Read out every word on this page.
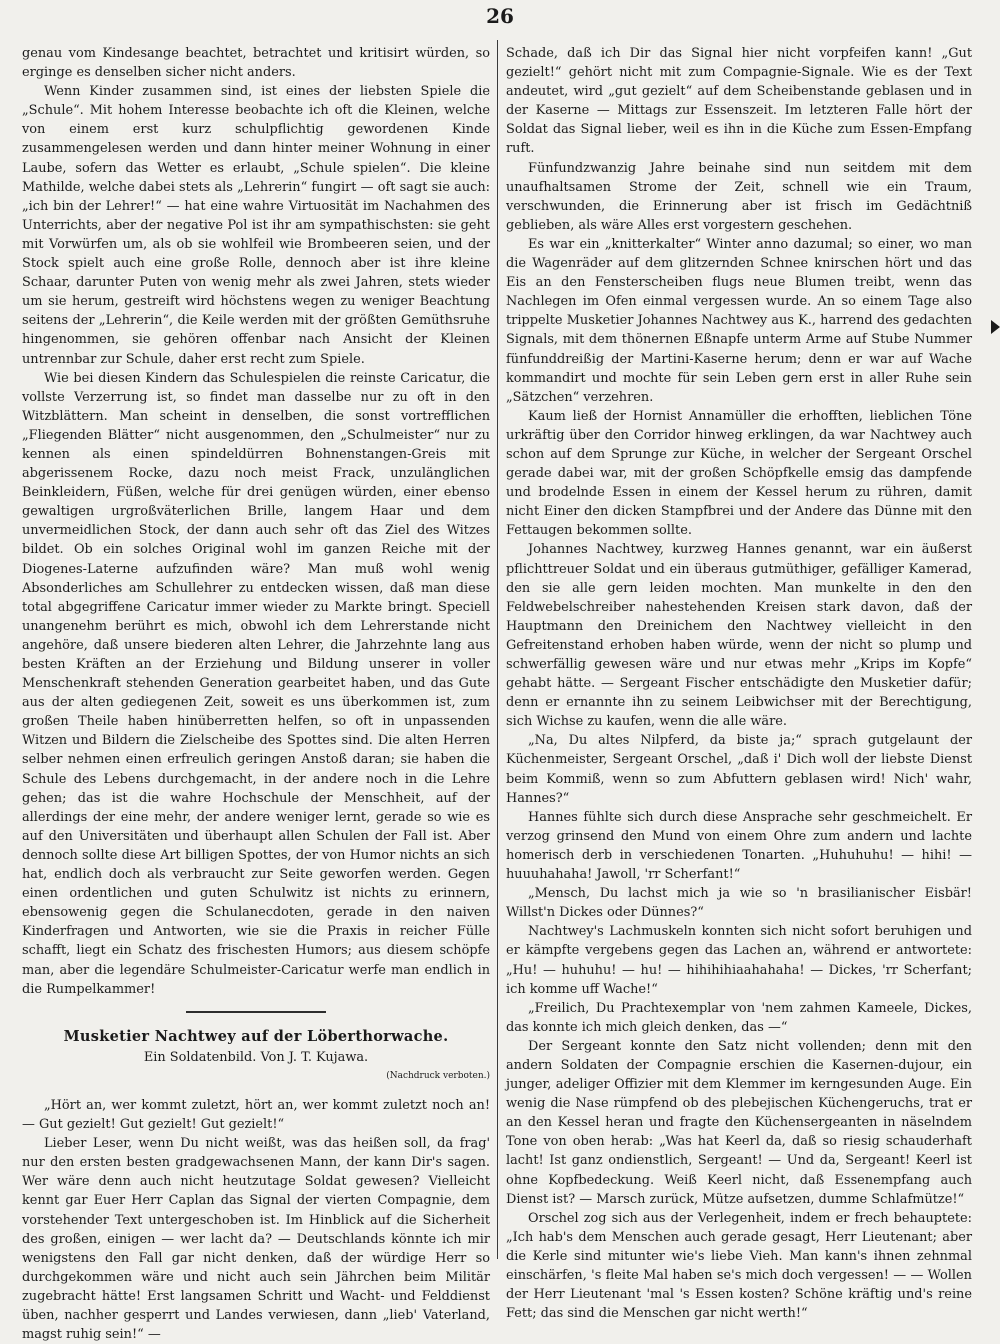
26

genau vom Kindesange beachtet, betrachtet und kritisirt würden, so erginge es denselben sicher nicht anders.

Wenn Kinder zusammen sind, ist eines der liebsten Spiele die „Schule“. Mit hohem Interesse beobachte ich oft die Kleinen, welche von einem erst kurz schulpflichtig gewordenen Kinde zusammengelesen werden und dann hinter meiner Wohnung in einer Laube, sofern das Wetter es erlaubt, „Schule spielen“. Die kleine Mathilde, welche dabei stets als „Lehrerin“ fungirt — oft sagt sie auch: „ich bin der Lehrer!“ — hat eine wahre Virtuosität im Nachahmen des Unterrichts, aber der negative Pol ist ihr am sympathischsten: sie geht mit Vorwürfen um, als ob sie wohlfeil wie Brombeeren seien, und der Stock spielt auch eine große Rolle, dennoch aber ist ihre kleine Schaar, darunter Puten von wenig mehr als zwei Jahren, stets wieder um sie herum, gestreift wird höchstens wegen zu weniger Beachtung seitens der „Lehrerin“, die Keile werden mit der größten Gemüthsruhe hingenommen, sie gehören offenbar nach Ansicht der Kleinen untrennbar zur Schule, daher erst recht zum Spiele.

Wie bei diesen Kindern das Schulespielen die reinste Caricatur, die vollste Verzerrung ist, so findet man dasselbe nur zu oft in den Witzblättern. Man scheint in denselben, die sonst vortrefflichen „Fliegenden Blätter“ nicht ausgenommen, den „Schulmeister“ nur zu kennen als einen spindeldürren Bohnenstangen-Greis mit abgerissenem Rocke, dazu noch meist Frack, unzulänglichen Beinkleidern, Füßen, welche für drei genügen würden, einer ebenso gewaltigen urgroßväterlichen Brille, langem Haar und dem unvermeidlichen Stock, der dann auch sehr oft das Ziel des Witzes bildet. Ob ein solches Original wohl im ganzen Reiche mit der Diogenes-Laterne aufzufinden wäre? Man muß wohl wenig Absonderliches am Schullehrer zu entdecken wissen, daß man diese total abgegriffene Caricatur immer wieder zu Markte bringt. Speciell unangenehm berührt es mich, obwohl ich dem Lehrerstande nicht angehöre, daß unsere biederen alten Lehrer, die Jahrzehnte lang aus besten Kräften an der Erziehung und Bildung unserer in voller Menschenkraft stehenden Generation gearbeitet haben, und das Gute aus der alten gediegenen Zeit, soweit es uns überkommen ist, zum großen Theile haben hinüberretten helfen, so oft in unpassenden Witzen und Bildern die Zielscheibe des Spottes sind. Die alten Herren selber nehmen einen erfreulich geringen Anstoß daran; sie haben die Schule des Lebens durchgemacht, in der andere noch in die Lehre gehen; das ist die wahre Hochschule der Menschheit, auf der allerdings der eine mehr, der andere weniger lernt, gerade so wie es auf den Universitäten und überhaupt allen Schulen der Fall ist. Aber dennoch sollte diese Art billigen Spottes, der von Humor nichts an sich hat, endlich doch als verbraucht zur Seite geworfen werden. Gegen einen ordentlichen und guten Schulwitz ist nichts zu erinnern, ebensowenig gegen die Schulanecdoten, gerade in den naiven Kinderfragen und Antworten, wie sie die Praxis in reicher Fülle schafft, liegt ein Schatz des frischesten Humors; aus diesem schöpfe man, aber die legendäre Schulmeister-Caricatur werfe man endlich in die Rumpelkammer!

Musketier Nachtwey auf der Löberthorwache.

Ein Soldatenbild. Von J. T. Kujawa.

(Nachdruck verboten.)

„Hört an, wer kommt zuletzt, hört an, wer kommt zuletzt noch an! — Gut gezielt! Gut gezielt! Gut gezielt!“

Lieber Leser, wenn Du nicht weißt, was das heißen soll, da frag' nur den ersten besten gradgewachsenen Mann, der kann Dir's sagen. Wer wäre denn auch nicht heutzutage Soldat gewesen? Vielleicht kennt gar Euer Herr Caplan das Signal der vierten Compagnie, dem vorstehender Text untergeschoben ist. Im Hinblick auf die Sicherheit des großen, einigen — wer lacht da? — Deutschlands könnte ich mir wenigstens den Fall gar nicht denken, daß der würdige Herr so durchgekommen wäre und nicht auch sein Jährchen beim Militär zugebracht hätte! Erst langsamen Schritt und Wacht- und Felddienst üben, nachher gesperrt und Landes verwiesen, dann „lieb' Vaterland, magst ruhig sein!“ —

Schade, daß ich Dir das Signal hier nicht vorpfeifen kann! „Gut gezielt!“ gehört nicht mit zum Compagnie-Signale. Wie es der Text andeutet, wird „gut gezielt“ auf dem Scheibenstande geblasen und in der Kaserne — Mittags zur Essenszeit. Im letzteren Falle hört der Soldat das Signal lieber, weil es ihn in die Küche zum Essen-Empfang ruft.

Fünfundzwanzig Jahre beinahe sind nun seitdem mit dem unaufhaltsamen Strome der Zeit, schnell wie ein Traum, verschwunden, die Erinnerung aber ist frisch im Gedächtniß geblieben, als wäre Alles erst vorgestern geschehen.

Es war ein „knitterkalter“ Winter anno dazumal; so einer, wo man die Wagenräder auf dem glitzernden Schnee knirschen hört und das Eis an den Fensterscheiben flugs neue Blumen treibt, wenn das Nachlegen im Ofen einmal vergessen wurde. An so einem Tage also trippelte Musketier Johannes Nachtwey aus K., harrend des gedachten Signals, mit dem thönernen Eßnapfe unterm Arme auf Stube Nummer fünfunddreißig der Martini-Kaserne herum; denn er war auf Wache kommandirt und mochte für sein Leben gern erst in aller Ruhe sein „Sätzchen“ verzehren.

Kaum ließ der Hornist Annamüller die erhofften, lieblichen Töne urkräftig über den Corridor hinweg erklingen, da war Nachtwey auch schon auf dem Sprunge zur Küche, in welcher der Sergeant Orschel gerade dabei war, mit der großen Schöpfkelle emsig das dampfende und brodelnde Essen in einem der Kessel herum zu rühren, damit nicht Einer den dicken Stampfbrei und der Andere das Dünne mit den Fettaugen bekommen sollte.

Johannes Nachtwey, kurzweg Hannes genannt, war ein äußerst pflichttreuer Soldat und ein überaus gutmüthiger, gefälliger Kamerad, den sie alle gern leiden mochten. Man munkelte in den den Feldwebelschreiber nahestehenden Kreisen stark davon, daß der Hauptmann den Dreinichem den Nachtwey vielleicht in den Gefreitenstand erhoben haben würde, wenn der nicht so plump und schwerfällig gewesen wäre und nur etwas mehr „Krips im Kopfe“ gehabt hätte. — Sergeant Fischer entschädigte den Musketier dafür; denn er ernannte ihn zu seinem Leibwichser mit der Berechtigung, sich Wichse zu kaufen, wenn die alle wäre.

„Na, Du altes Nilpferd, da biste ja;“ sprach gutgelaunt der Küchenmeister, Sergeant Orschel, „daß i' Dich woll der liebste Dienst beim Kommiß, wenn so zum Abfuttern geblasen wird! Nich' wahr, Hannes?“

Hannes fühlte sich durch diese Ansprache sehr geschmeichelt. Er verzog grinsend den Mund von einem Ohre zum andern und lachte homerisch derb in verschiedenen Tonarten. „Huhuhuhu! — hihi! — huuuhahaha! Jawoll, 'rr Scherfant!“

„Mensch, Du lachst mich ja wie so 'n brasilianischer Eisbär! Willst'n Dickes oder Dünnes?“

Nachtwey's Lachmuskeln konnten sich nicht sofort beruhigen und er kämpfte vergebens gegen das Lachen an, während er antwortete: „Hu! — huhuhu! — hu! — hihihihiaahahaha! — Dickes, 'rr Scherfant; ich komme uff Wache!“

„Freilich, Du Prachtexemplar von 'nem zahmen Kameele, Dickes, das konnte ich mich gleich denken, das —“

Der Sergeant konnte den Satz nicht vollenden; denn mit den andern Soldaten der Compagnie erschien die Kasernen-dujour, ein junger, adeliger Offizier mit dem Klemmer im kerngesunden Auge. Ein wenig die Nase rümpfend ob des plebejischen Küchengeruchs, trat er an den Kessel heran und fragte den Küchensergeanten in näselndem Tone von oben herab: „Was hat Keerl da, daß so riesig schauderhaft lacht! Ist ganz ondienstlich, Sergeant! — Und da, Sergeant! Keerl ist ohne Kopfbedeckung. Weiß Keerl nicht, daß Essenempfang auch Dienst ist? — Marsch zurück, Mütze aufsetzen, dumme Schlafmütze!“

Orschel zog sich aus der Verlegenheit, indem er frech behauptete: „Ich hab's dem Menschen auch gerade gesagt, Herr Lieutenant; aber die Kerle sind mitunter wie's liebe Vieh. Man kann's ihnen zehnmal einschärfen, 's fleite Mal haben se's mich doch vergessen! — — Wollen der Herr Lieutenant 'mal 's Essen kosten? Schöne kräftig und's reine Fett; das sind die Menschen gar nicht werth!“
